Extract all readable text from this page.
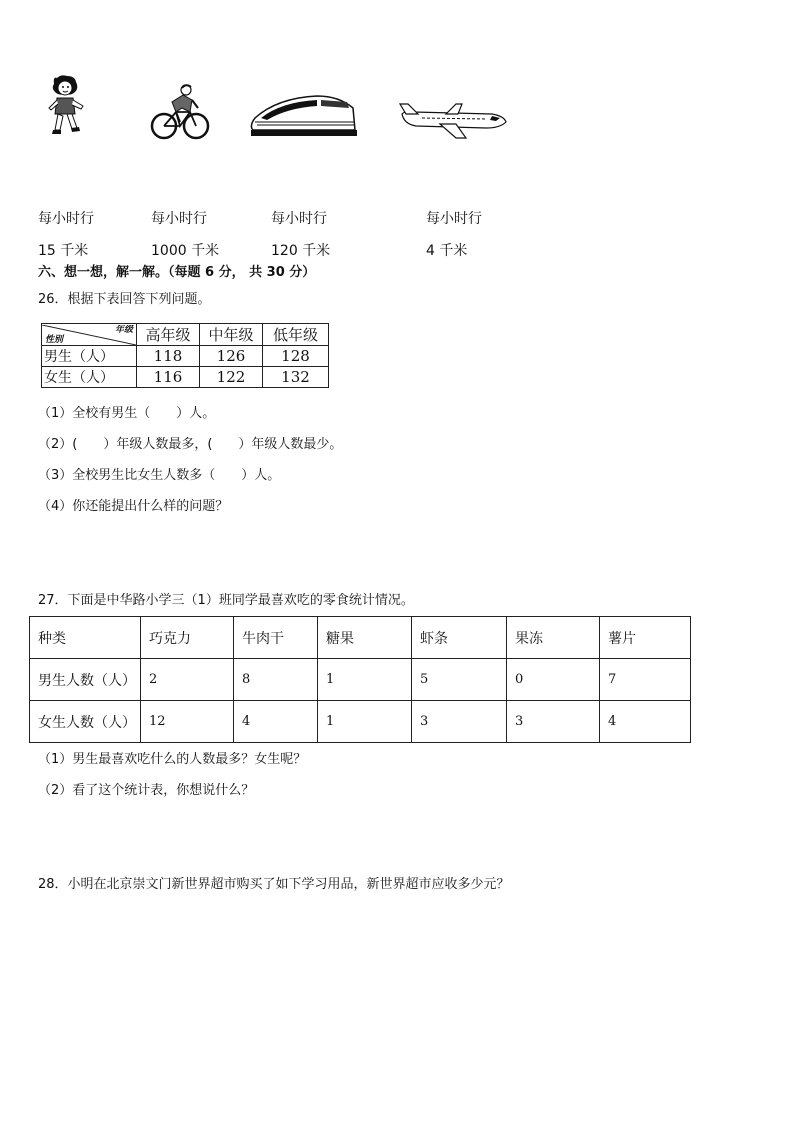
每小时行	每小时行	每小时行	每小时行
15 千米	1000 千米	120 千米	4 千米
六、想一想，解一解。（每题 6 分， 共 30 分）
26．根据下表回答下列问题。
年级
性别	高年级	中年级	低年级
男生（人）	118	126	128
女生（人）	116	122	132
（1）全校有男生（　　）人。
（2）(　　）年级人数最多，(　　）年级人数最少。
（3）全校男生比女生人数多（　　）人。
（4）你还能提出什么样的问题？
27．下面是中华路小学三（1）班同学最喜欢吃的零食统计情况。
种类	巧克力	牛肉干	糖果	虾条	果冻	薯片
男生人数（人）	2	8	1	5	0	7
女生人数（人）	12	4	1	3	3	4
（1）男生最喜欢吃什么的人数最多？女生呢？
（2）看了这个统计表，你想说什么？
28．小明在北京崇文门新世界超市购买了如下学习用品，新世界超市应收多少元？
